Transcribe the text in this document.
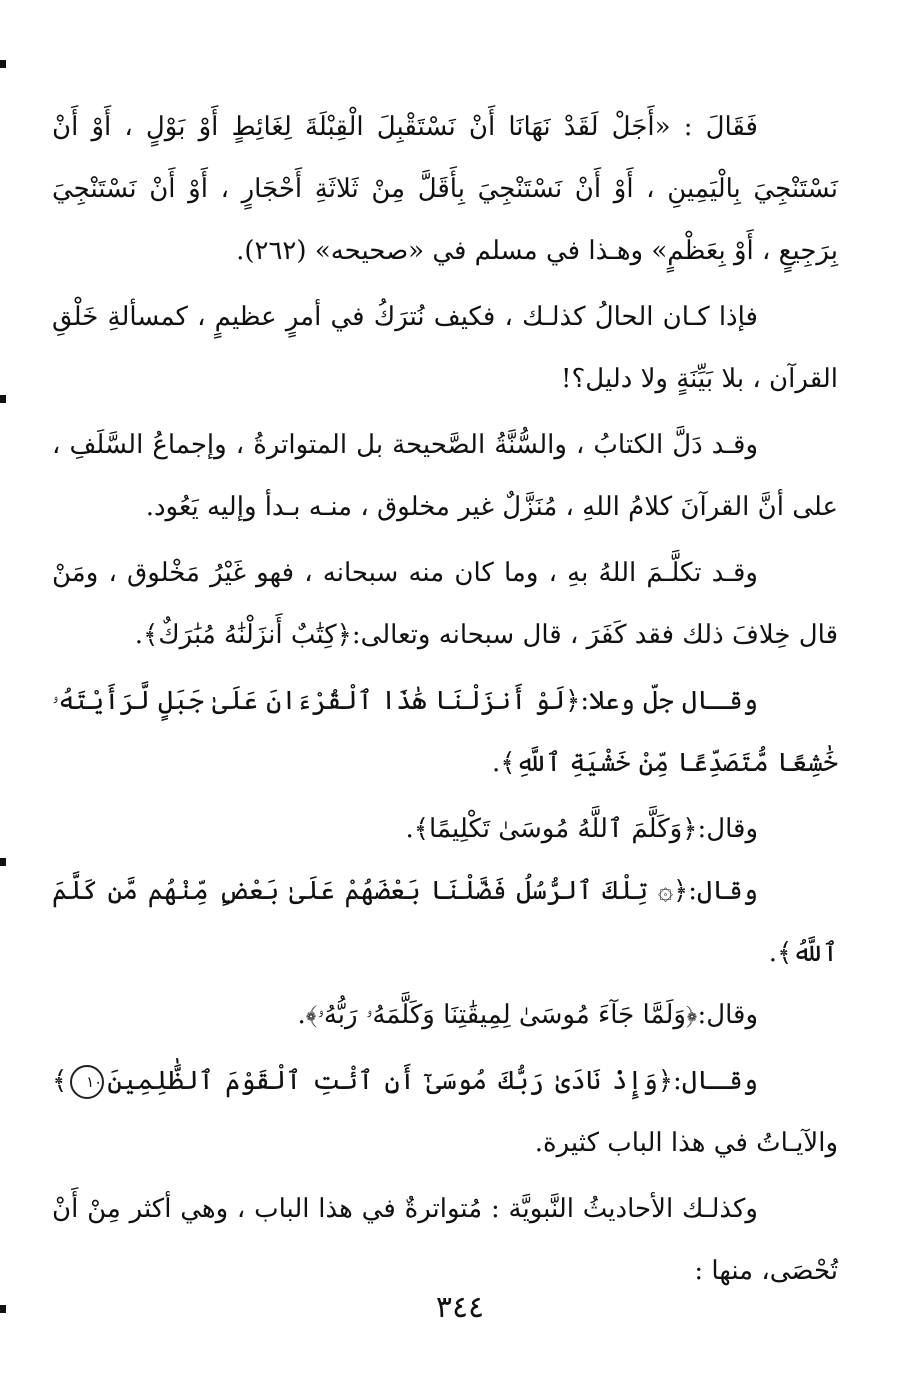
فَقَالَ : «أَجَلْ لَقَدْ نَهَانَا أَنْ نَسْتَقْبِلَ الْقِبْلَةَ لِغَائِطٍ أَوْ بَوْلٍ ، أَوْ أَنْ نَسْتَنْجِيَ بِالْيَمِينِ ، أَوْ أَنْ نَسْتَنْجِيَ بِأَقَلَّ مِنْ ثَلاثَةِ أَحْجَارٍ ، أَوْ أَنْ نَسْتَنْجِيَ بِرَجِيعٍ ، أَوْ بِعَظْمٍ» وهـذا في مسلم في «صحيحه» (٢٦٢).

فإذا كـان الحالُ كذلـك ، فكيف نُترَكُ في أمرٍ عظيمٍ ، كمسألةِ خَلْقِ القرآن ، بلا بَيِّنَةٍ ولا دليل؟!

وقـد دَلَّ الكتابُ ، والسُّنَّةُ الصَّحيحة بل المتواترةُ ، وإجماعُ السَّلَفِ ، على أنَّ القرآنَ كلامُ اللهِ ، مُنَزَّلٌ غير مخلوق ، منـه بـدأ وإليه يَعُود.

وقـد تكلَّـمَ اللهُ بهِ ، وما كان منه سبحانه ، فهو غَيْرُ مَخْلوق ، ومَنْ قال خِلافَ ذلك فقد كَفَرَ ، قال سبحانه وتعالى:﴿كِتَٰبٌ أَنزَلْنَٰهُ مُبَٰرَكٌ﴾.

وقـال جلّ وعلا:﴿لَوْ أَنزَلْنَا هَٰذَا ٱلْقُرْءَانَ عَلَىٰ جَبَلٍ لَّرَأَيْتَهُۥ خَٰشِعًا مُّتَصَدِّعًا مِّنْ خَشْيَةِ ٱللَّهِ﴾.

وقال:﴿وَكَلَّمَ ٱللَّهُ مُوسَىٰ تَكْلِيمًا﴾.

وقال:﴿۞ تِلْكَ ٱلرُّسُلُ فَضَّلْنَا بَعْضَهُمْ عَلَىٰ بَعْضٍ مِّنْهُم مَّن كَلَّمَ ٱللَّهُ﴾.

وقال:﴿وَلَمَّا جَآءَ مُوسَىٰ لِمِيقَٰتِنَا وَكَلَّمَهُۥ رَبُّهُۥ﴾.

وقـال:﴿وَإِذْ نَادَىٰ رَبُّكَ مُوسَىٰٓ أَنِ ٱئْتِ ٱلْقَوْمَ ٱلظَّٰلِمِينَ١٠﴾والآيـاتُ في هذا الباب كثيرة.

وكذلـك الأحاديثُ النَّبويَّة : مُتواترةٌ في هذا الباب ، وهي أكثر مِنْ أَنْ تُحْصَى، منها :

٣٤٤
